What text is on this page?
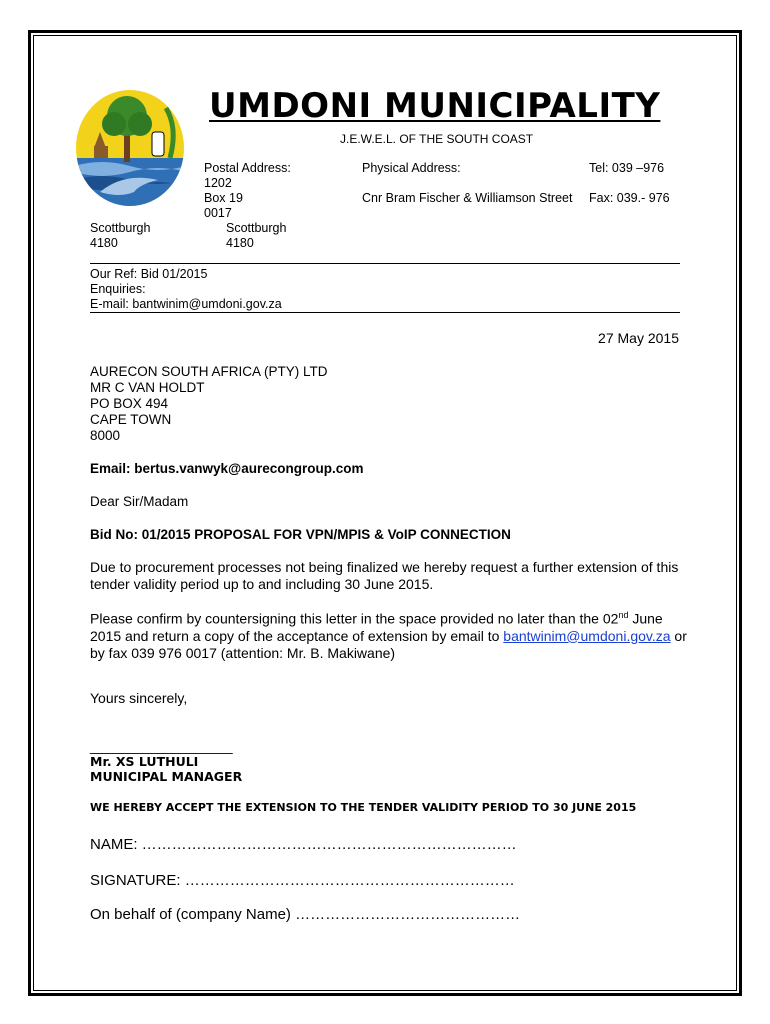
UMDONI MUNICIPALITY
J.E.W.E.L. OF THE SOUTH COAST
Postal Address:
1202
Box 19
0017
Physical Address:
Cnr Bram Fischer & Williamson Street
Tel: 039 –976
Fax: 039.- 976
Scottburgh
4180
Scottburgh
4180
Our Ref: Bid 01/2015
Enquiries:
E-mail: bantwinim@umdoni.gov.za
27 May 2015
AURECON SOUTH AFRICA (PTY) LTD
MR C VAN HOLDT
PO BOX 494
CAPE TOWN
8000
Email: bertus.vanwyk@aurecongroup.com
Dear Sir/Madam
Bid No: 01/2015 PROPOSAL FOR VPN/MPIS & VoIP CONNECTION
Due to procurement processes not being finalized we hereby request a further extension of this tender validity period up to and including 30 June 2015.
Please confirm by countersigning this letter in the space provided no later than the 02nd June 2015 and return a copy of the acceptance of extension by email to bantwinim@umdoni.gov.za or by fax 039 976 0017 (attention: Mr. B. Makiwane)
Yours sincerely,
___________________
Mr. XS LUTHULI
MUNICIPAL MANAGER
WE HEREBY ACCEPT THE EXTENSION TO THE TENDER VALIDITY PERIOD TO 30 JUNE 2015
NAME: …………………………………………………………………
SIGNATURE: …………………………………………………………
On behalf of (company Name) ………………………………………
